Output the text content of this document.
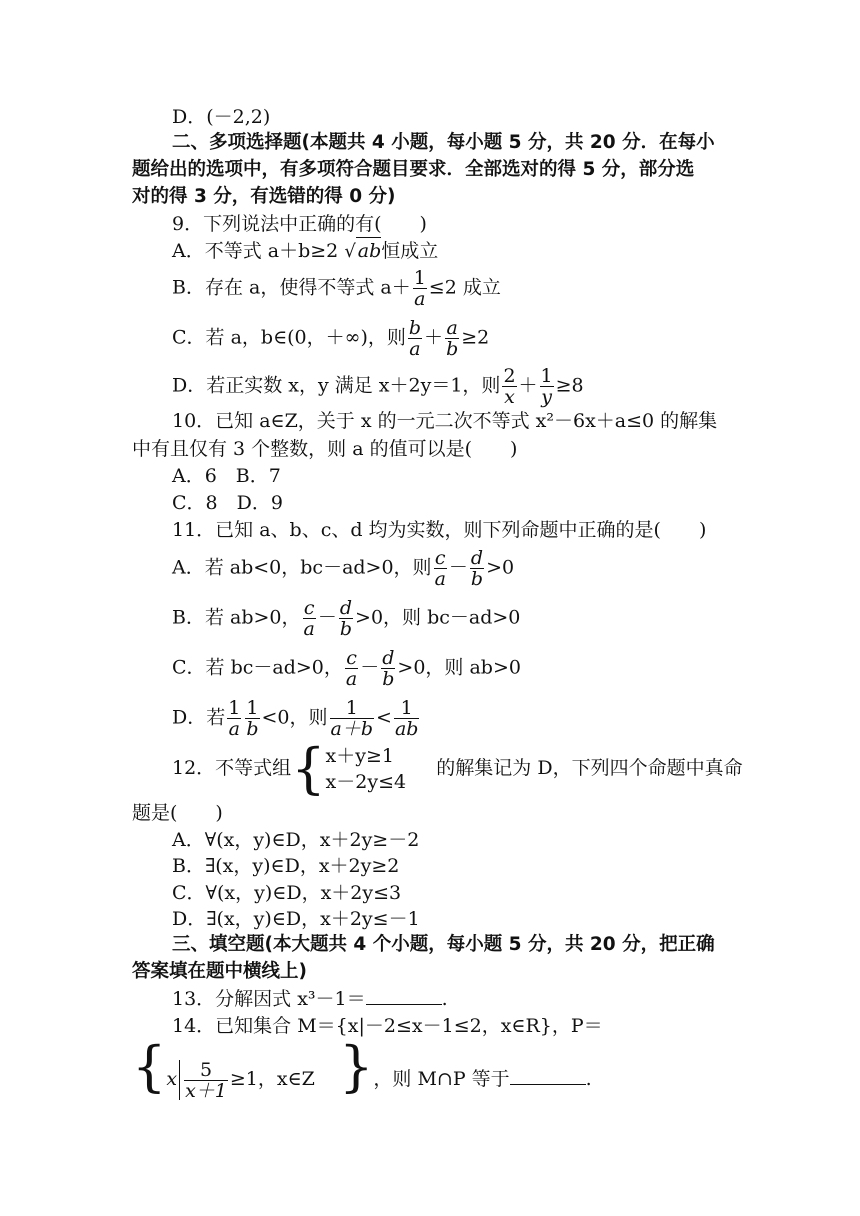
D．(－2,2)
二、多项选择题(本题共 4 小题，每小题 5 分，共 20 分．在每小
题给出的选项中，有多项符合题目要求．全部选对的得 5 分，部分选
对的得 3 分，有选错的得 0 分)
9．下列说法中正确的有(　　)
A．不等式 a＋b≥2 √ ab恒成立
B．存在 a，使得不等式 $a+ \frac{1}{a} \le 2$ 成立
C．若 a，b∈(0，＋∞)，则 $\frac{b}{a} + \frac{a}{b} \ge 2$
D．若正实数 x，y 满足 x＋2y＝1，则 $\frac{2}{x} + \frac{1}{y} \ge 8$
10．已知 a∈Z，关于 x 的一元二次不等式 x²－6x＋a≤0 的解集
中有且仅有 3 个整数，则 a 的值可以是(　　)
A．6　B．7
C．8　D．9
11．已知 a、b、c、d 均为实数，则下列命题中正确的是(　　)
A．若 ab<0，bc－ad>0，则 $\frac{c}{a} - \frac{d}{b} >0$
B．若 ab>0， $\frac{c}{a} - \frac{d}{b} >0$，则 bc－ad>0
C．若 bc－ad>0， $\frac{c}{a} - \frac{d}{b} >0$，则 ab>0
D．若 $\frac{1}{a} \frac{1}{b} <0$，则 $\frac{1}{a+b} < \frac{1}{ab}$
12．不等式组{ x＋y≥1
x－2y≤4
的解集记为 D，下列四个命题中真命
题是(　　)
A．∀(x，y)∈D，x＋2y≥－2
B．∃(x，y)∈D，x＋2y≥2
C．∀(x，y)∈D，x＋2y≤3
D．∃(x，y)∈D，x＋2y≤－1
三、填空题(本大题共 4 个小题，每小题 5 分，共 20 分，把正确
答案填在题中横线上)
13．分解因式 x³－1＝	.
14．已知集合 M＝{x|－2≤x－1≤2，x∈R}，P＝
{$x \frac{5}{x+1} \ge 1$，x∈Z }，则 M∩P 等于	.
